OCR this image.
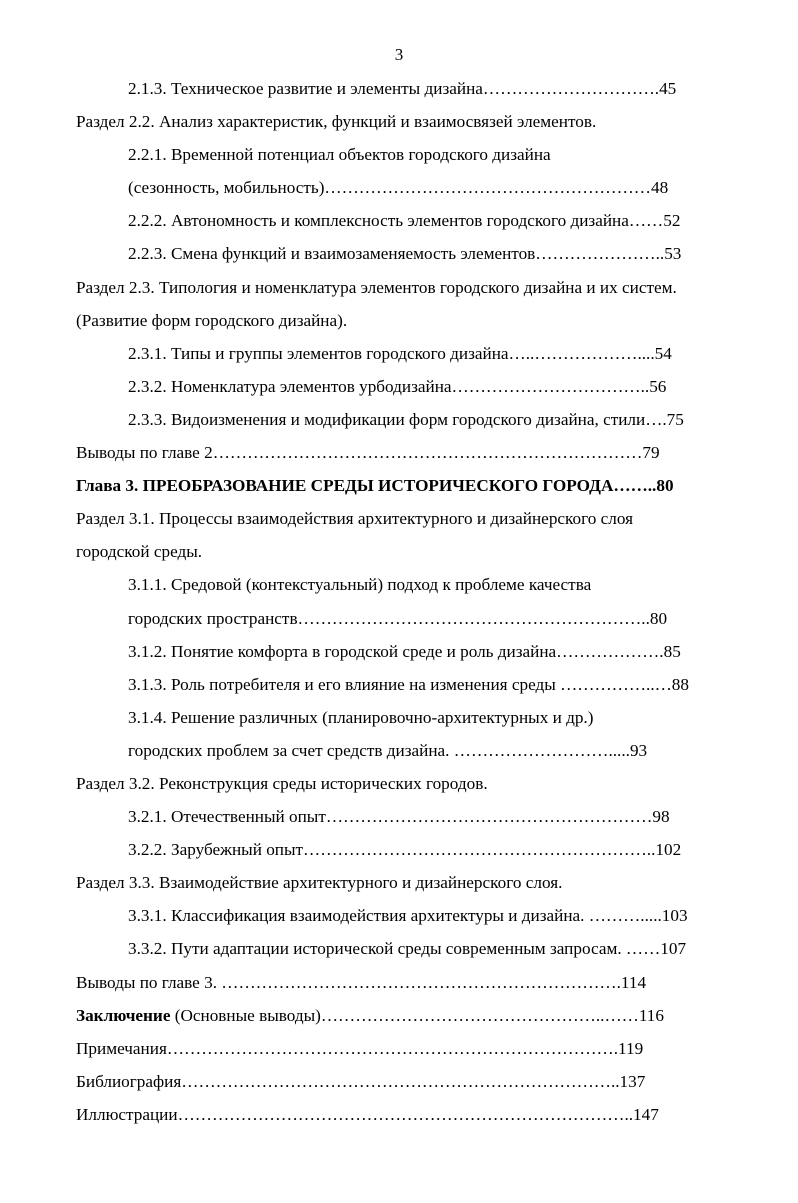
3
2.1.3. Техническое развитие и элементы дизайна………………………….45
Раздел 2.2. Анализ характеристик, функций и взаимосвязей элементов.
2.2.1. Временной потенциал объектов городского дизайна
(сезонность, мобильность)…………………………………………………48
2.2.2. Автономность и комплексность элементов городского дизайна……52
2.2.3. Смена функций и взаимозаменяемость элементов…………………..53
Раздел 2.3. Типология и номенклатура элементов городского дизайна и их систем.
(Развитие форм городского дизайна).
2.3.1. Типы и группы элементов городского дизайна…..………………....54
2.3.2. Номенклатура элементов урбодизайна……………………………..56
2.3.3. Видоизменения и модификации форм городского дизайна, стили….75
Выводы по главе 2…………………………………………………………………79
Глава 3. ПРЕОБРАЗОВАНИЕ СРЕДЫ ИСТОРИЧЕСКОГО ГОРОДА……..80
Раздел 3.1. Процессы взаимодействия архитектурного и дизайнерского слоя
городской среды.
3.1.1. Средовой (контекстуальный) подход к проблеме качества
городских пространств……………………………………………………..80
3.1.2. Понятие комфорта в городской среде и роль дизайна……………….85
3.1.3. Роль потребителя и его влияние на изменения среды ……………..…88
3.1.4. Решение различных (планировочно-архитектурных и др.)
городских проблем за счет средств дизайна. ……………………….....93
Раздел 3.2. Реконструкция среды исторических городов.
3.2.1. Отечественный опыт…………………………………………………98
3.2.2. Зарубежный опыт……………………………………………………..102
Раздел 3.3. Взаимодействие архитектурного и дизайнерского слоя.
3.3.1. Классификация взаимодействия архитектуры и дизайна. ……….....103
3.3.2. Пути адаптации исторической среды современным запросам. ……107
Выводы по главе 3. …………………………………………………………….114
Заключение (Основные выводы)…………………………………………..……116
Примечания…………………………………………………………………….119
Библиография…………………………………………………………………..137
Иллюстрации……………………………………………………………………..147
